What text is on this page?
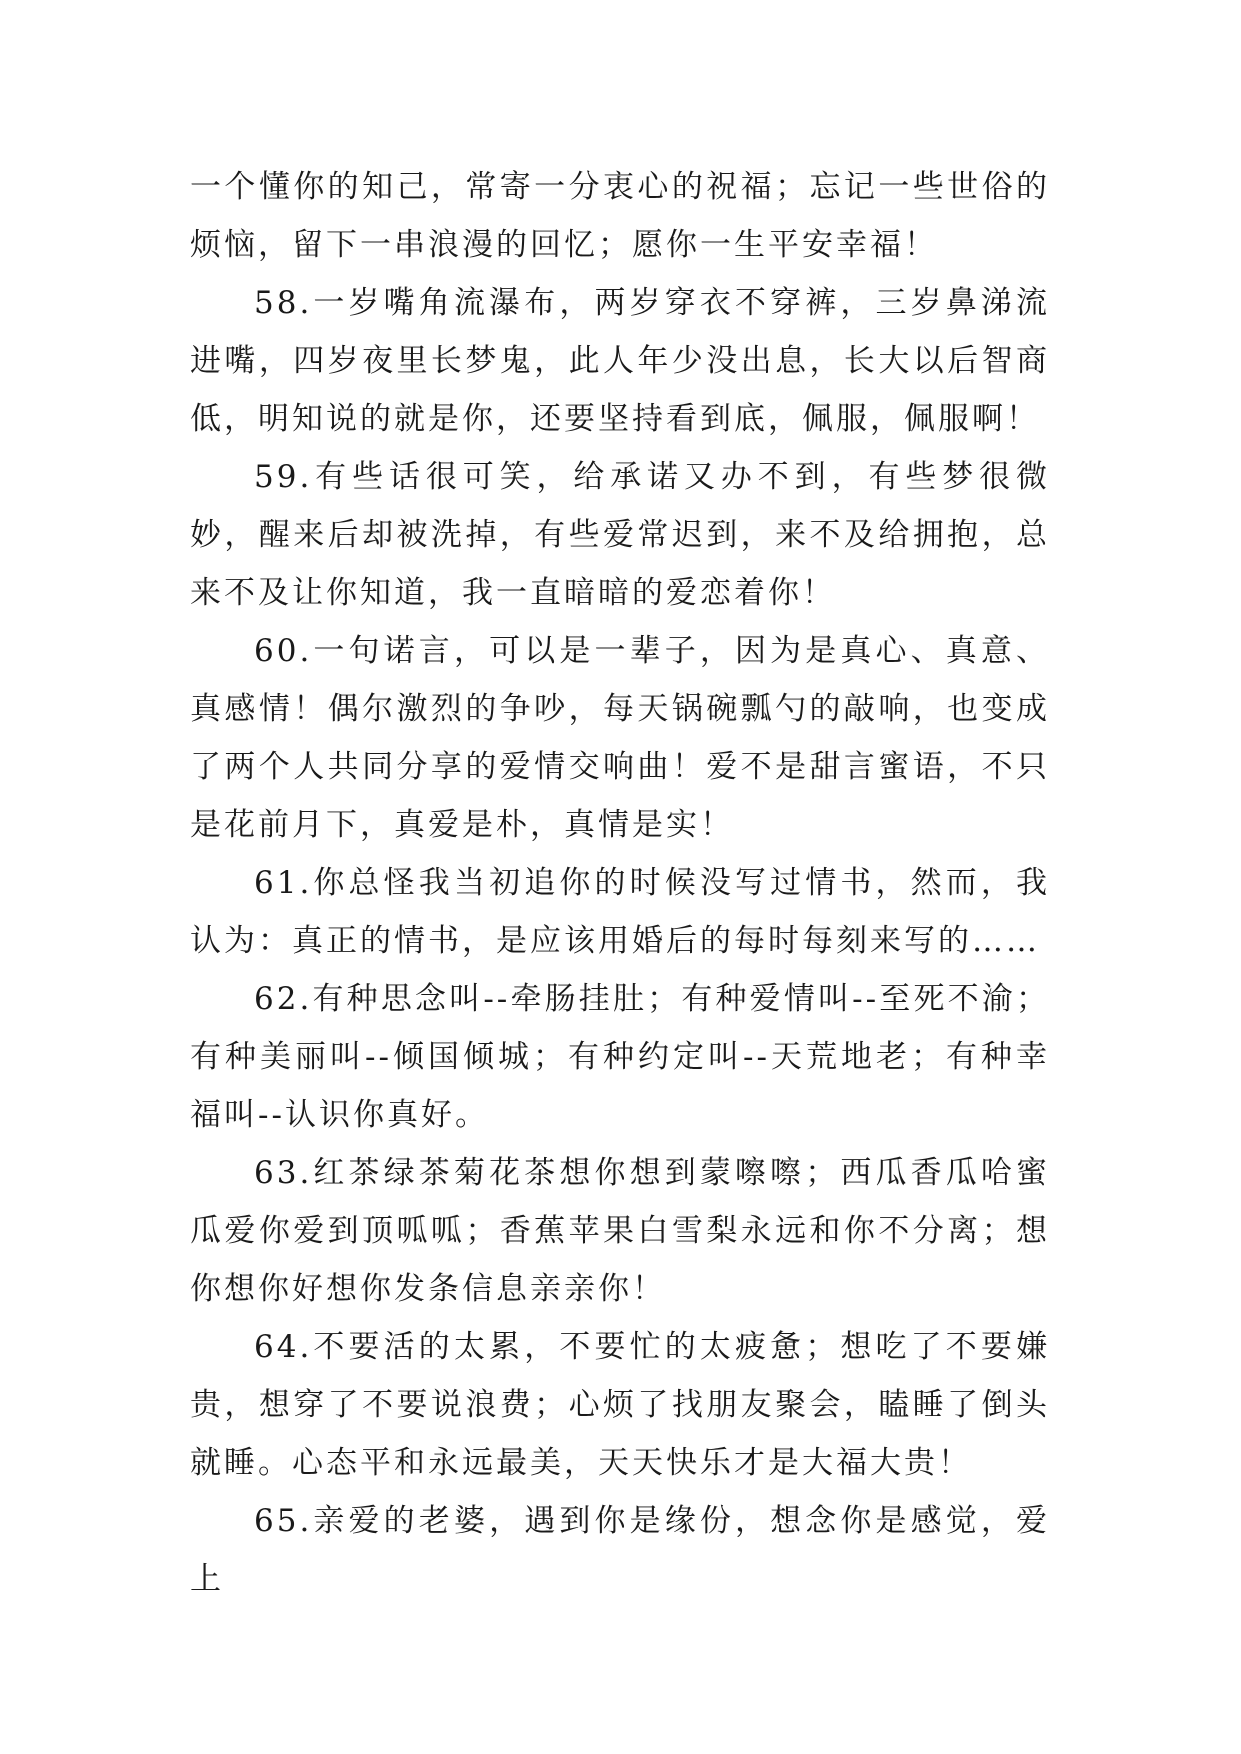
一个懂你的知己，常寄一分衷心的祝福；忘记一些世俗的烦恼，留下一串浪漫的回忆；愿你一生平安幸福！

58.一岁嘴角流瀑布，两岁穿衣不穿裤，三岁鼻涕流进嘴，四岁夜里长梦鬼，此人年少没出息，长大以后智商低，明知说的就是你，还要坚持看到底，佩服，佩服啊！

59.有些话很可笑，给承诺又办不到，有些梦很微妙，醒来后却被洗掉，有些爱常迟到，来不及给拥抱，总来不及让你知道，我一直暗暗的爱恋着你！

60.一句诺言，可以是一辈子，因为是真心、真意、真感情！偶尔激烈的争吵，每天锅碗瓢勺的敲响，也变成了两个人共同分享的爱情交响曲！爱不是甜言蜜语，不只是花前月下，真爱是朴，真情是实！

61.你总怪我当初追你的时候没写过情书，然而，我认为：真正的情书，是应该用婚后的每时每刻来写的……

62.有种思念叫--牵肠挂肚；有种爱情叫--至死不渝；有种美丽叫--倾国倾城；有种约定叫--天荒地老；有种幸福叫--认识你真好。

63.红茶绿茶菊花茶想你想到蒙嚓嚓；西瓜香瓜哈蜜瓜爱你爱到顶呱呱；香蕉苹果白雪梨永远和你不分离；想你想你好想你发条信息亲亲你！

64.不要活的太累，不要忙的太疲惫；想吃了不要嫌贵，想穿了不要说浪费；心烦了找朋友聚会，瞌睡了倒头就睡。心态平和永远最美，天天快乐才是大福大贵！

65.亲爱的老婆，遇到你是缘份，想念你是感觉，爱上
